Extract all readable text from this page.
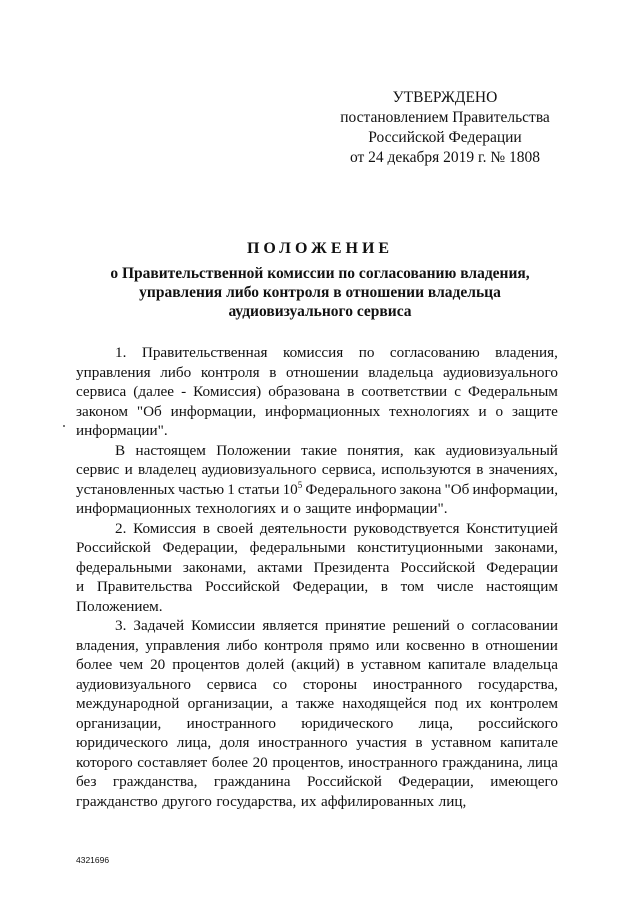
УТВЕРЖДЕНО
постановлением Правительства
Российской Федерации
от 24 декабря 2019 г. № 1808
ПОЛОЖЕНИЕ
о Правительственной комиссии по согласованию владения,
управления либо контроля в отношении владельца
аудиовизуального сервиса
1. Правительственная комиссия по согласованию владения,
управления либо контроля в отношении владельца аудиовизуального
сервиса (далее - Комиссия) образована в соответствии с Федеральным
законом "Об информации, информационных технологиях и о защите
информации".
В настоящем Положении такие понятия, как аудиовизуальный
сервис и владелец аудиовизуального сервиса, используются в значениях,
установленных частью 1 статьи $10^5$ Федерального закона "Об информации,
информационных технологиях и о защите информации".
2. Комиссия в своей деятельности руководствуется Конституцией
Российской Федерации, федеральными конституционными законами,
федеральными законами, актами Президента Российской Федерации
и Правительства Российской Федерации, в том числе настоящим
Положением.
3. Задачей Комиссии является принятие решений о согласовании
владения, управления либо контроля прямо или косвенно в отношении
более чем 20 процентов долей (акций) в уставном капитале владельца
аудиовизуального сервиса со стороны иностранного государства,
международной организации, а также находящейся под их контролем
организации, иностранного юридического лица, российского
юридического лица, доля иностранного участия в уставном капитале
которого составляет более 20 процентов, иностранного гражданина, лица
без гражданства, гражданина Российской Федерации, имеющего
гражданство другого государства, их аффилированных лиц,
4321696
